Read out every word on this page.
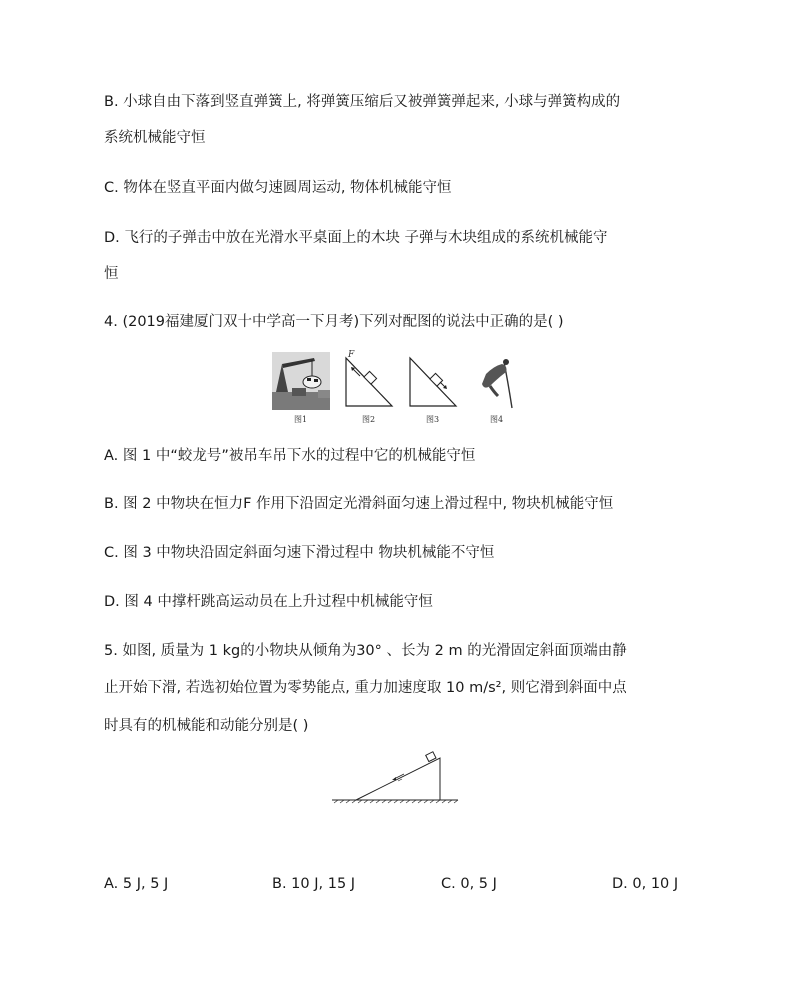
B. 小球自由下落到竖直弹簧上, 将弹簧压缩后又被弹簧弹起来, 小球与弹簧构成的
系统机械能守恒
C. 物体在竖直平面内做匀速圆周运动, 物体机械能守恒
D. 飞行的子弹击中放在光滑水平桌面上的木块 子弹与木块组成的系统机械能守
恒
4. (2019福建厦门双十中学高一下月考)下列对配图的说法中正确的是( )
图1
F
图2	图3	图4
A. 图 1 中“蛟龙号”被吊车吊下水的过程中它的机械能守恒
B. 图 2 中物块在恒力F 作用下沿固定光滑斜面匀速上滑过程中, 物块机械能守恒
C. 图 3 中物块沿固定斜面匀速下滑过程中 物块机械能不守恒
D. 图 4 中撑杆跳高运动员在上升过程中机械能守恒
5. 如图, 质量为 1 kg的小物块从倾角为30° 、长为 2 m 的光滑固定斜面顶端由静
止开始下滑, 若选初始位置为零势能点, 重力加速度取 10 m/s², 则它滑到斜面中点
时具有的机械能和动能分别是( )
A. 5 J, 5 J	B. 10 J, 15 J	C. 0, 5 J	D. 0, 10 J
